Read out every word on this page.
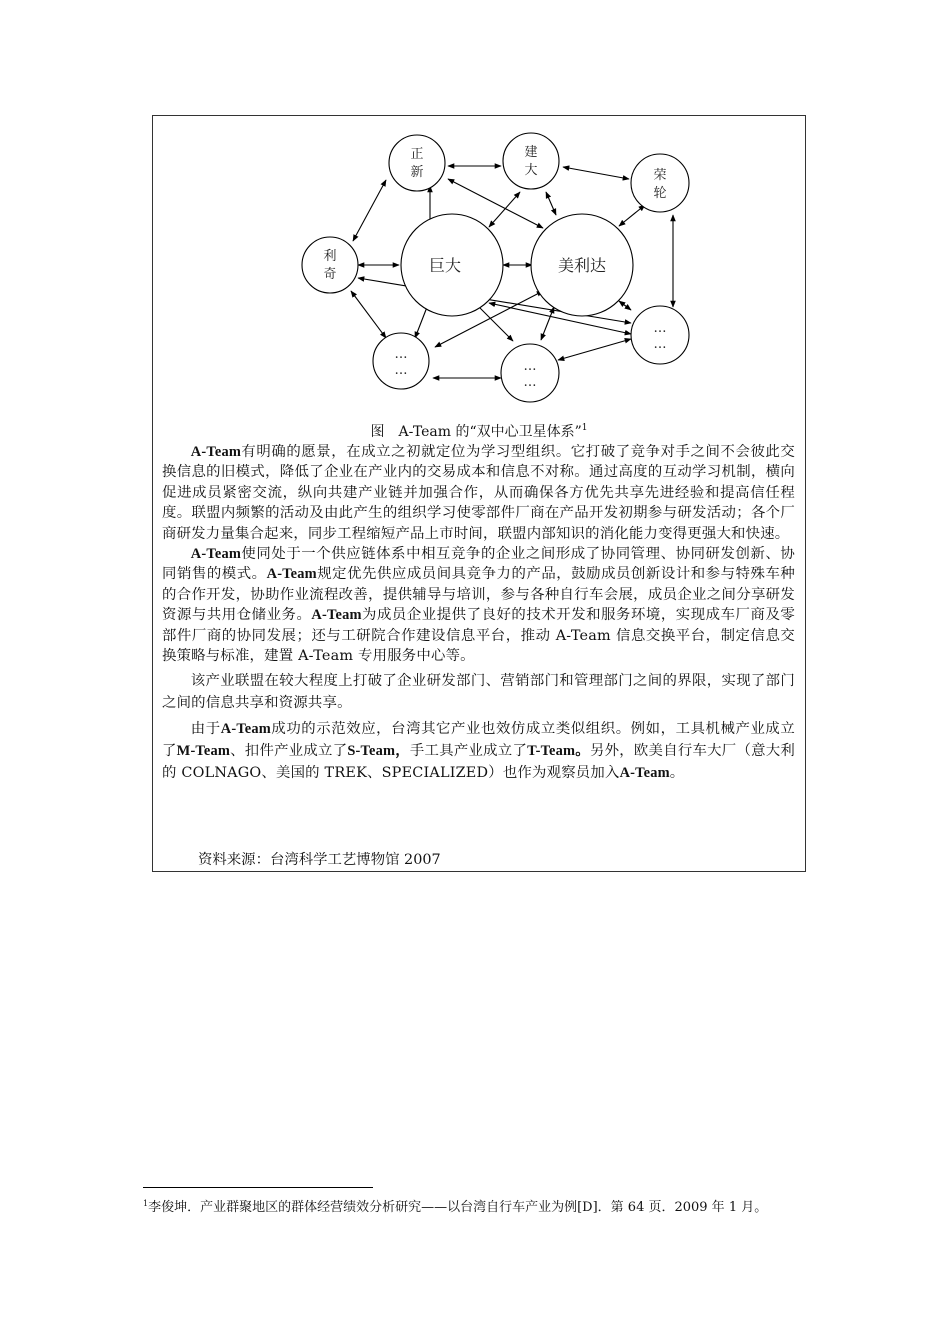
正
新
建
大	荣
轮
利
奇	巨大	美利达
…
…	…
…
…
…
图　A-Team 的“双中心卫星体系”$^1$

A-Team有明确的愿景，在成立之初就定位为学习型组织。它打破了竞争对手之间不会彼此交换信息的旧模式，降低了企业在产业内的交易成本和信息不对称。通过高度的互动学习机制，横向促进成员紧密交流，纵向共建产业链并加强合作，从而确保各方优先共享先进经验和提高信任程度。联盟内频繁的活动及由此产生的组织学习使零部件厂商在产品开发初期参与研发活动；各个厂商研发力量集合起来，同步工程缩短产品上市时间，联盟内部知识的消化能力变得更强大和快速。

A-Team使同处于一个供应链体系中相互竞争的企业之间形成了协同管理、协同研发创新、协同销售的模式。A-Team规定优先供应成员间具竞争力的产品，鼓励成员创新设计和参与特殊车种的合作开发，协助作业流程改善，提供辅导与培训，参与各种自行车会展，成员企业之间分享研发资源与共用仓储业务。A-Team为成员企业提供了良好的技术开发和服务环境，实现成车厂商及零部件厂商的协同发展；还与工研院合作建设信息平台，推动 A-Team 信息交换平台，制定信息交换策略与标准，建置 A-Team 专用服务中心等。

该产业联盟在较大程度上打破了企业研发部门、营销部门和管理部门之间的界限，实现了部门之间的信息共享和资源共享。

由于A-Team成功的示范效应，台湾其它产业也效仿成立类似组织。例如，工具机械产业成立了M-Team、扣件产业成立了S-Team，手工具产业成立了T-Team。另外，欧美自行车大厂（意大利的 COLNAGO、美国的 TREK、SPECIALIZED）也作为观察员加入A-Team。

资料来源：台湾科学工艺博物馆 2007
$^1$李俊坤．产业群聚地区的群体经营绩效分析研究——以台湾自行车产业为例[D]．第 64 页．2009 年 1 月。
